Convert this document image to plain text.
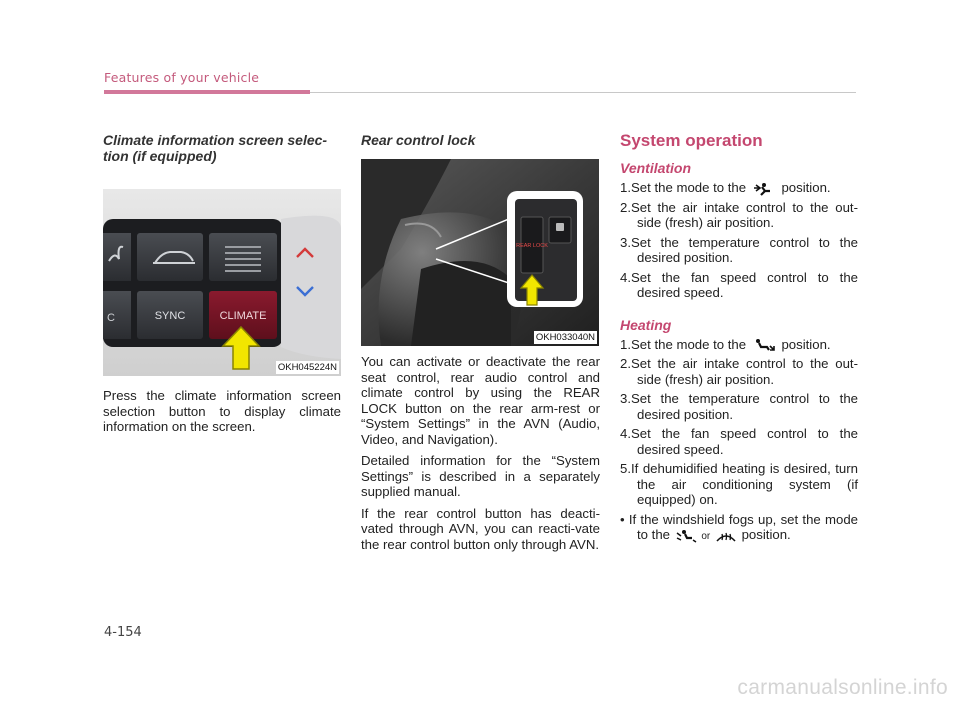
Features of your vehicle
Climate information screen selec-tion (if equipped)
C	SYNC	CLIMATE
OKH045224N

Press the climate information screen selection button to display climate information on the screen.

Rear control lock
REAR LOCK
OKH033040N

You can activate or deactivate the rear seat control, rear audio control and climate control by using the REAR LOCK button on the rear arm-rest or “System Settings” in the AVN (Audio, Video, and Navigation).

Detailed information for the “System Settings” is described in a separately supplied manual.

If the rear control button has deacti-vated through AVN, you can reacti-vate the rear control button only through AVN.

System operation
Ventilation
1.Set the mode to the	position.
2.Set the air intake control to the out-side (fresh) air position.
3.Set the temperature control to the desired position.
4.Set the fan speed control to the desired speed.
Heating
1.Set the mode to the	position.
2.Set the air intake control to the out-side (fresh) air position.
3.Set the temperature control to the desired position.
4.Set the fan speed control to the desired speed.
5.If dehumidified heating is desired, turn the air conditioning system (if equipped) on.
• If the windshield fogs up, set the mode to the	or position.
4-154
carmanualsonline.info
